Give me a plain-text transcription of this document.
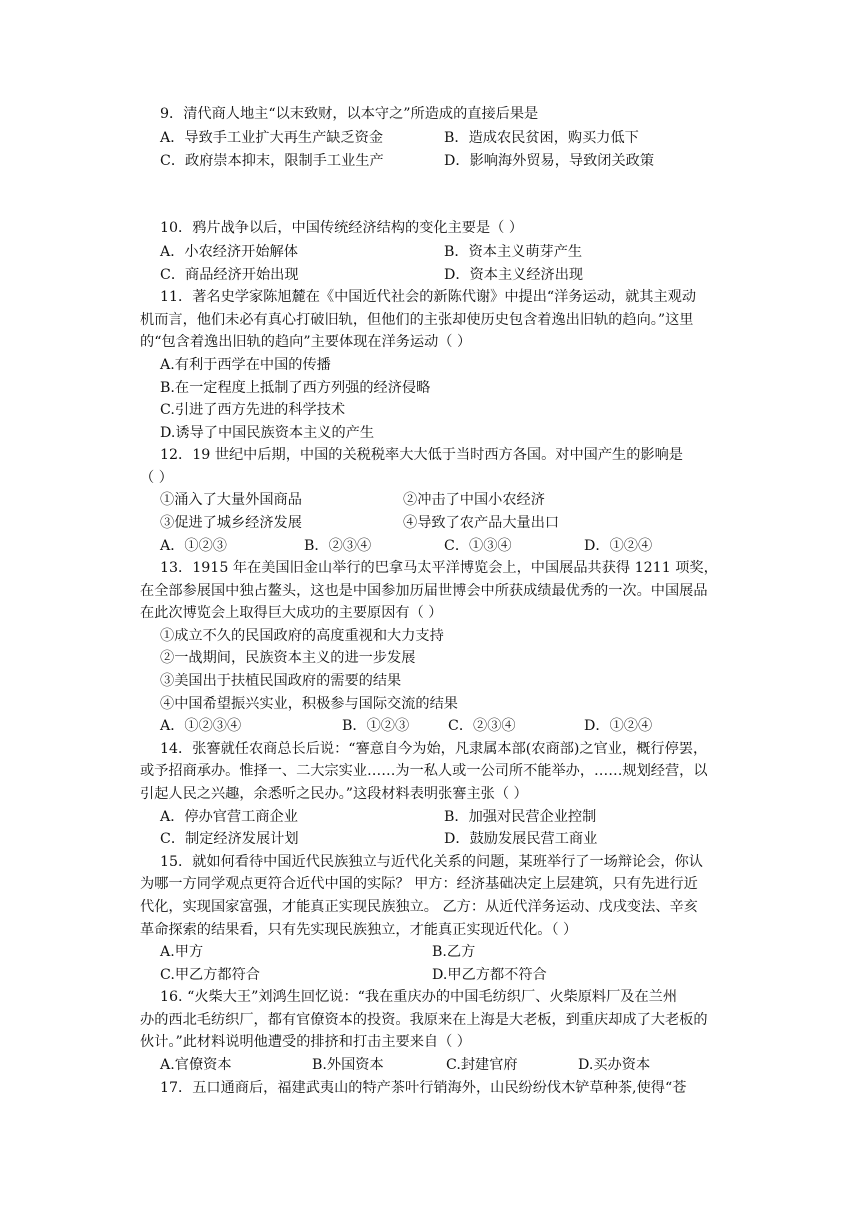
9．清代商人地主“以末致财，以本守之”所造成的直接后果是
A．导致手工业扩大再生产缺乏资金	B．造成农民贫困，购买力低下
C．政府崇本抑末，限制手工业生产	D．影响海外贸易，导致闭关政策
10．鸦片战争以后，中国传统经济结构的变化主要是（ ）
A．小农经济开始解体	B．资本主义萌芽产生
C．商品经济开始出现	D．资本主义经济出现
11．著名史学家陈旭麓在《中国近代社会的新陈代谢》中提出“洋务运动，就其主观动
机而言，他们未必有真心打破旧轨，但他们的主张却使历史包含着逸出旧轨的趋向。”这里
的“包含着逸出旧轨的趋向”主要体现在洋务运动（ ）
A.有利于西学在中国的传播
B.在一定程度上抵制了西方列强的经济侵略
C.引进了西方先进的科学技术
D.诱导了中国民族资本主义的产生
12．19 世纪中后期，中国的关税税率大大低于当时西方各国。对中国产生的影响是
（ ）
①涌入了大量外国商品	②冲击了中国小农经济
③促进了城乡经济发展	④导致了农产品大量出口
A．①②③	B．②③④	C．①③④	D．①②④
13．1915 年在美国旧金山举行的巴拿马太平洋博览会上，中国展品共获得 1211 项奖，
在全部参展国中独占鳌头，这也是中国参加历届世博会中所获成绩最优秀的一次。中国展品
在此次博览会上取得巨大成功的主要原因有（ ）
①成立不久的民国政府的高度重视和大力支持
②一战期间，民族资本主义的进一步发展
③美国出于扶植民国政府的需要的结果
④中国希望振兴实业，积极参与国际交流的结果
A．①②③④	B．①②③	C．②③④	D．①②④
14．张謇就任农商总长后说：“謇意自今为始，凡隶属本部(农商部)之官业，概行停罢，
或予招商承办。惟择一、二大宗实业……为一私人或一公司所不能举办，……规划经营，以
引起人民之兴趣，余悉听之民办。”这段材料表明张謇主张（ ）
A．停办官营工商企业	B．加强对民营企业控制
C．制定经济发展计划	D．鼓励发展民营工商业
15．就如何看待中国近代民族独立与近代化关系的问题，某班举行了一场辩论会，你认
为哪一方同学观点更符合近代中国的实际？ 甲方：经济基础决定上层建筑，只有先进行近
代化，实现国家富强，才能真正实现民族独立。 乙方：从近代洋务运动、戊戌变法、辛亥
革命探索的结果看，只有先实现民族独立，才能真正实现近代化。（ ）
A.甲方	B.乙方
C.甲乙方都符合	D.甲乙方都不符合
16. “火柴大王”刘鸿生回忆说：“我在重庆办的中国毛纺织厂、火柴原料厂及在兰州
办的西北毛纺织厂，都有官僚资本的投资。我原来在上海是大老板，到重庆却成了大老板的
伙计。”此材料说明他遭受的排挤和打击主要来自（ ）
A.官僚资本	B.外国资本	C.封建官府	D.买办资本
17．五口通商后，福建武夷山的特产茶叶行销海外，山民纷纷伐木铲草种茶,使得“苍
